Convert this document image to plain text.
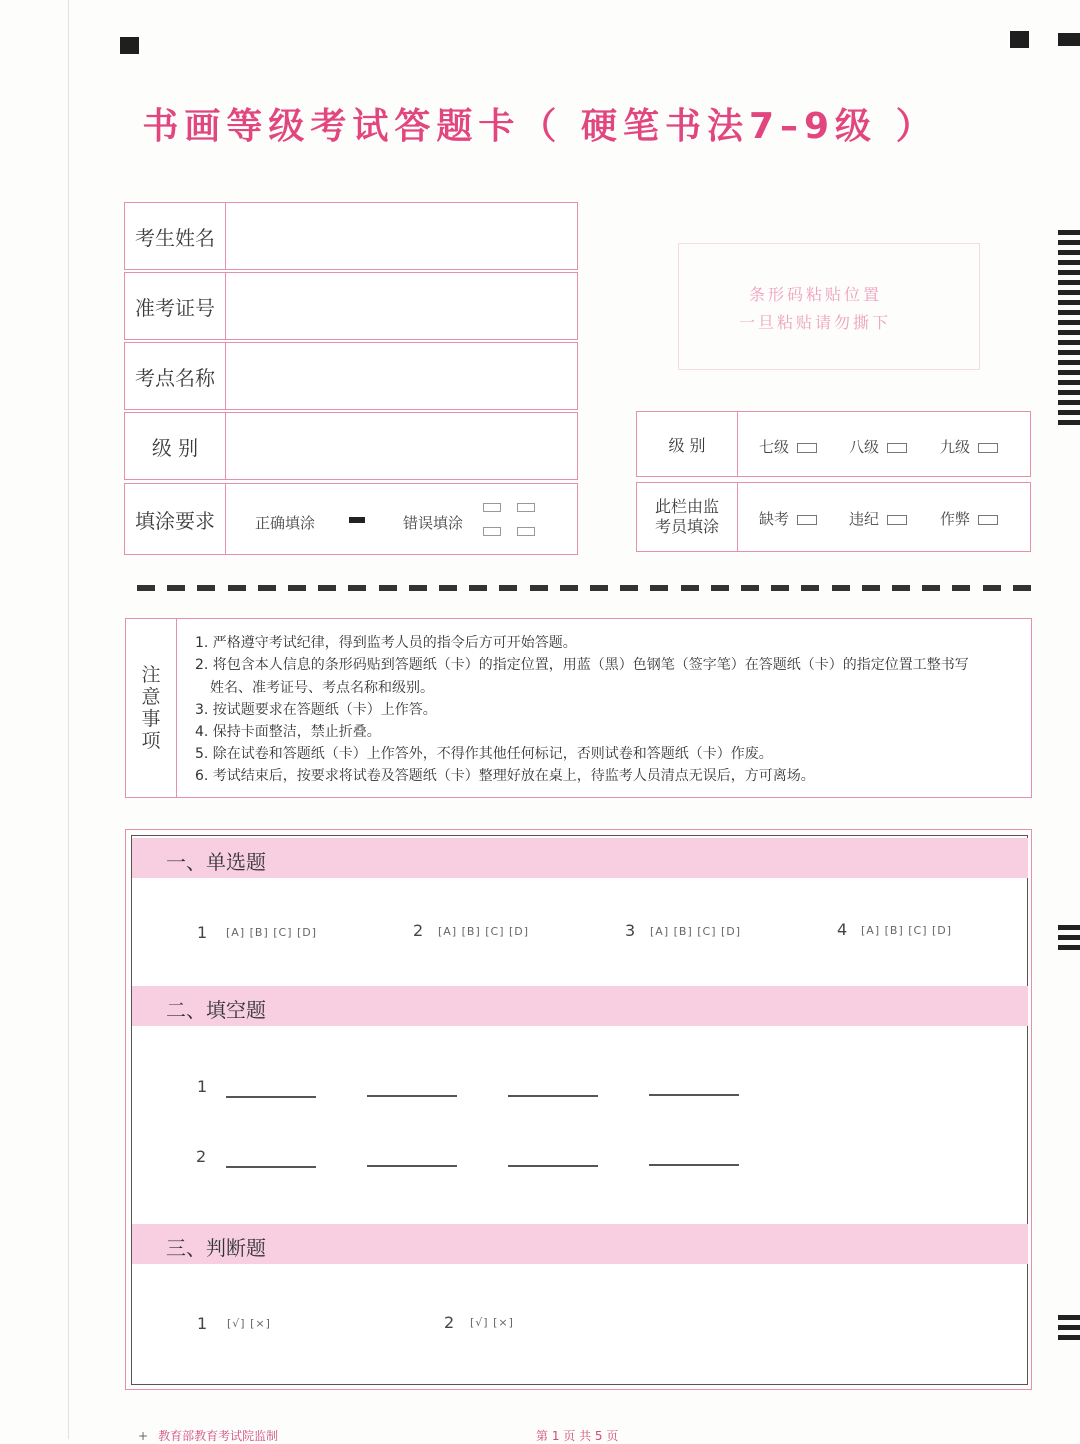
书画等级考试答题卡（ 硬笔书法7–9级 ）
考生姓名
准考证号
考点名称
级 别
填涂要求	正确填涂	错误填涂
条形码粘贴位置
一旦粘贴请勿撕下
级 别	七级	八级	九级
此栏由监
考员填涂	缺考	违纪	作弊
注
意
事
项
1. 严格遵守考试纪律，得到监考人员的指令后方可开始答题。
2. 将包含本人信息的条形码贴到答题纸（卡）的指定位置，用蓝（黑）色钢笔（签字笔）在答题纸（卡）的指定位置工整书写
姓名、准考证号、考点名称和级别。
3. 按试题要求在答题纸（卡）上作答。
4. 保持卡面整洁，禁止折叠。
5. 除在试卷和答题纸（卡）上作答外，不得作其他任何标记，否则试卷和答题纸（卡）作废。
6. 考试结束后，按要求将试卷及答题纸（卡）整理好放在桌上，待监考人员清点无误后，方可离场。
一、单选题
1 [A] [B] [C] [D]	2 [A] [B] [C] [D]	3 [A] [B] [C] [D]	4 [A] [B] [C] [D]
二、填空题
1
2
三、判断题
1 [√] [×]	2 [√] [×]
+ 教育部教育考试院监制	第 1 页 共 5 页
